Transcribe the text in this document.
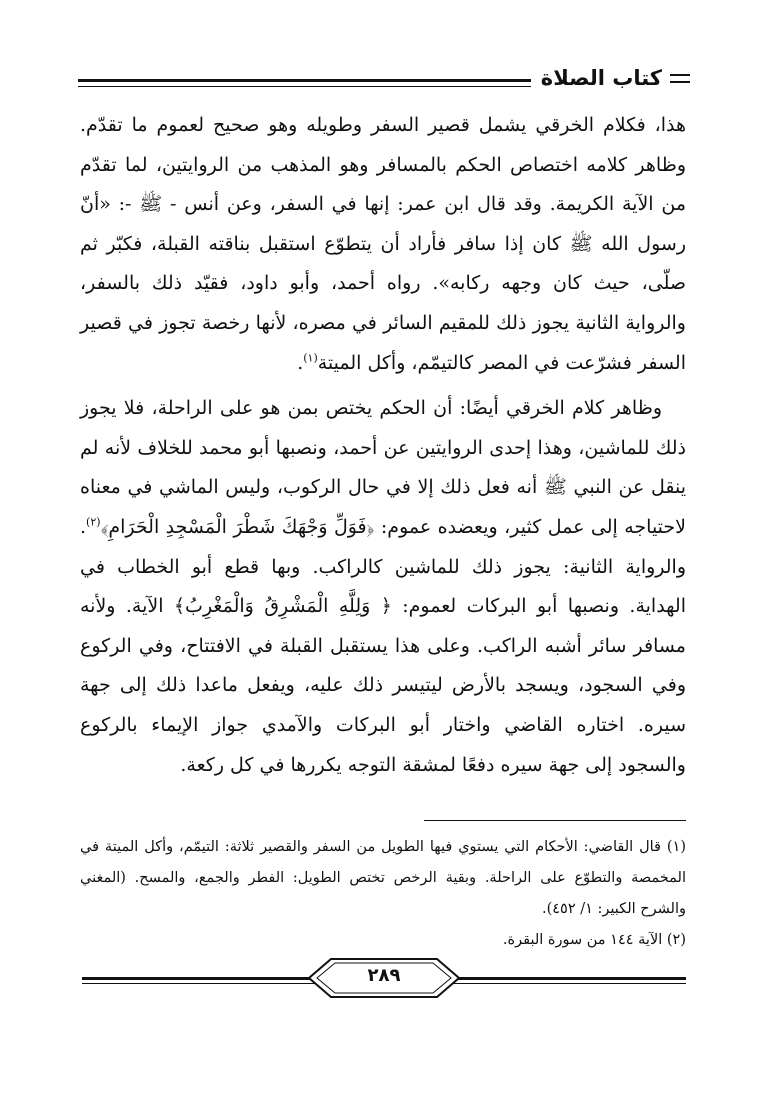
كتاب الصلاة

هذا، فكلام الخرقي يشمل قصير السفر وطويله وهو صحيح لعموم ما تقدّم. وظاهر كلامه اختصاص الحكم بالمسافر وهو المذهب من الروايتين، لما تقدّم من الآية الكريمة. وقد قال ابن عمر: إنها في السفر، وعن أنس - ﷺ -: «أنّ رسول الله ﷺ كان إذا سافر فأراد أن يتطوّع استقبل بناقته القبلة، فكبّر ثم صلّى، حيث كان وجهه ركابه». رواه أحمد، وأبو داود، فقيّد ذلك بالسفر، والرواية الثانية يجوز ذلك للمقيم السائر في مصره، لأنها رخصة تجوز في قصير السفر فشرّعت في المصر كالتيمّم، وأكل الميتة$^{(١)}$.

وظاهر كلام الخرقي أيضًا: أن الحكم يختص بمن هو على الراحلة، فلا يجوز ذلك للماشين، وهذا إحدى الروايتين عن أحمد، ونصبها أبو محمد للخلاف لأنه لم ينقل عن النبي ﷺ أنه فعل ذلك إلا في حال الركوب، وليس الماشي في معناه لاحتياجه إلى عمل كثير، ويعضده عموم: ﴿فَوَلِّ وَجْهَكَ شَطْرَ الْمَسْجِدِ الْحَرَامِ﴾$^{(٢)}$. والرواية الثانية: يجوز ذلك للماشين كالراكب. وبها قطع أبو الخطاب في الهداية. ونصبها أبو البركات لعموم: ﴿ وَلِلَّهِ الْمَشْرِقُ وَالْمَغْرِبُ﴾ الآية. ولأنه مسافر سائر أشبه الراكب. وعلى هذا يستقبل القبلة في الافتتاح، وفي الركوع وفي السجود، ويسجد بالأرض ليتيسر ذلك عليه، ويفعل ماعدا ذلك إلى جهة سيره. اختاره القاضي واختار أبو البركات والآمدي جواز الإيماء بالركوع والسجود إلى جهة سيره دفعًا لمشقة التوجه يكررها في كل ركعة.

(١) قال القاضي: الأحكام التي يستوي فيها الطويل من السفر والقصير ثلاثة: التيمّم، وأكل الميتة في المخمصة والتطوّع على الراحلة. وبقية الرخص تختص الطويل: الفطر والجمع، والمسح. (المغني والشرح الكبير: ١/ ٤٥٢).

(٢) الآية ١٤٤ من سورة البقرة.

٢٨٩
